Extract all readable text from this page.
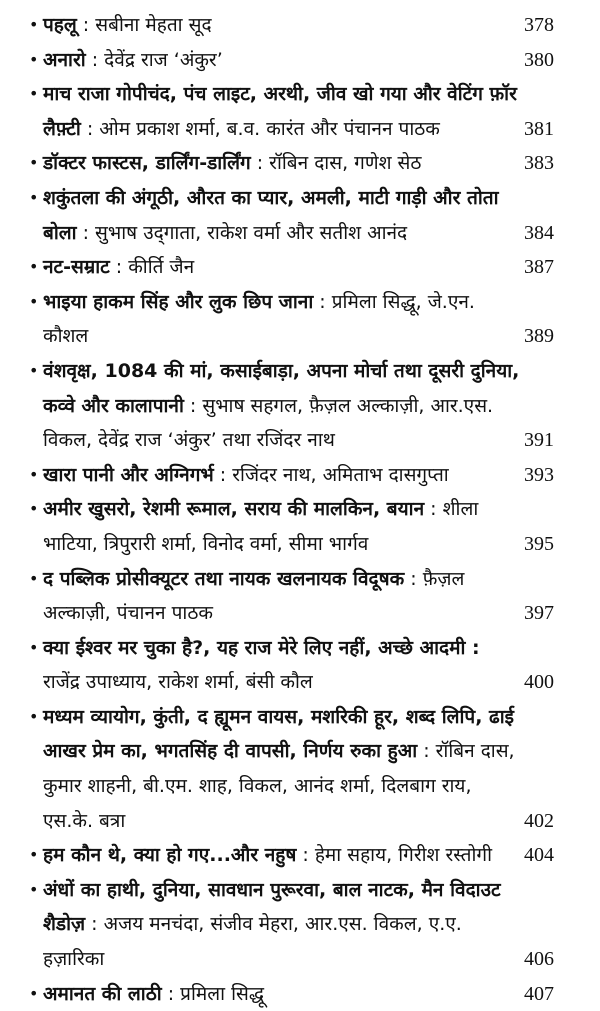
• पहलू : सबीना मेहता सूद	378
• अनारो : देवेंद्र राज ‘अंकुर’	380
• माच राजा गोपीचंद, पंच लाइट, अरथी, जीव खो गया और वेटिंग फ़ॉर
लैफ़्टी : ओम प्रकाश शर्मा, ब.व. कारंत और पंचानन पाठक	381
• डॉक्टर फास्टस, डार्लिंग-डार्लिंग : रॉबिन दास, गणेश सेठ	383
• शकुंतला की अंगूठी, औरत का प्यार, अमली, माटी गाड़ी और तोता
बोला : सुभाष उद्‌गाता, राकेश वर्मा और सतीश आनंद	384
• नट-सम्राट : कीर्ति जैन	387
• भाइया हाकम सिंह और लुक छिप जाना : प्रमिला सिद्धू, जे.एन.
कौशल	389
• वंशवृक्ष, 1084 की मां, कसाईबाड़ा, अपना मोर्चा तथा दूसरी दुनिया,
कव्वे और कालापानी : सुभाष सहगल, फ़ैज़ल अल्काज़ी, आर.एस.
विकल, देवेंद्र राज ‘अंकुर’ तथा रजिंदर नाथ	391
• खारा पानी और अग्निगर्भ : रजिंदर नाथ, अमिताभ दासगुप्ता	393
• अमीर खुसरो, रेशमी रूमाल, सराय की मालकिन, बयान : शीला
भाटिया, त्रिपुरारी शर्मा, विनोद वर्मा, सीमा भार्गव	395
• द पब्लिक प्रोसीक्यूटर तथा नायक खलनायक विदूषक : फ़ैज़ल
अल्काज़ी, पंचानन पाठक	397
• क्या ईश्वर मर चुका है?, यह राज मेरे लिए नहीं, अच्छे आदमी :
राजेंद्र उपाध्याय, राकेश शर्मा, बंसी कौल	400
• मध्यम व्यायोग, कुंती, द ह्यूमन वायस, मशरिकी हूर, शब्द लिपि, ढाई
आखर प्रेम का, भगतसिंह दी वापसी, निर्णय रुका हुआ : रॉबिन दास,
कुमार शाहनी, बी.एम. शाह, विकल, आनंद शर्मा, दिलबाग राय,
एस.के. बत्रा	402
• हम कौन थे, क्या हो गए...और नहुष : हेमा सहाय, गिरीश रस्तोगी 404
• अंधों का हाथी, दुनिया, सावधान पुरूरवा, बाल नाटक, मैन विदाउट
शैडोज़ : अजय मनचंदा, संजीव मेहरा, आर.एस. विकल, ए.ए.
हज़ारिका	406
• अमानत की लाठी : प्रमिला सिद्धू	407
